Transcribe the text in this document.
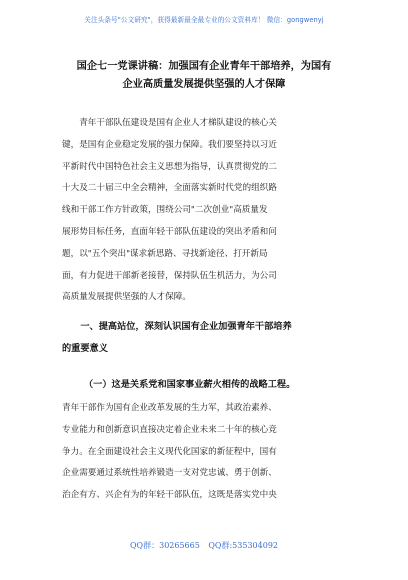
关注头条号"公文研究"，获得最新最全最专业的公文资料库！ 微信：gongwenyj
国企七一党课讲稿：加强国有企业青年干部培养，为国有
企业高质量发展提供坚强的人才保障
　　青年干部队伍建设是国有企业人才梯队建设的核心关
键，是国有企业稳定发展的强力保障。我们要坚持以习近
平新时代中国特色社会主义思想为指导，认真贯彻党的二
十大及二十届三中全会精神，全面落实新时代党的组织路
线和干部工作方针政策，围绕公司"二次创业"高质量发
展形势目标任务，直面年轻干部队伍建设的突出矛盾和问
题，以"五个突出"谋求新思路、寻找新途径、打开新局
面，有力促进干部新老接替，保持队伍生机活力，为公司
高质量发展提供坚强的人才保障。
　　一、提高站位，深刻认识国有企业加强青年干部培养
的重要意义
（一）这是关系党和国家事业薪火相传的战略工程。
青年干部作为国有企业改革发展的生力军，其政治素养、
专业能力和创新意识直接决定着企业未来二十年的核心竞
争力。在全面建设社会主义现代化国家的新征程中，国有
企业需要通过系统性培养锻造一支对党忠诚、勇于创新、
治企有方、兴企有为的年轻干部队伍，这既是落实党中央
QQ群：30265665 QQ群:535304092
